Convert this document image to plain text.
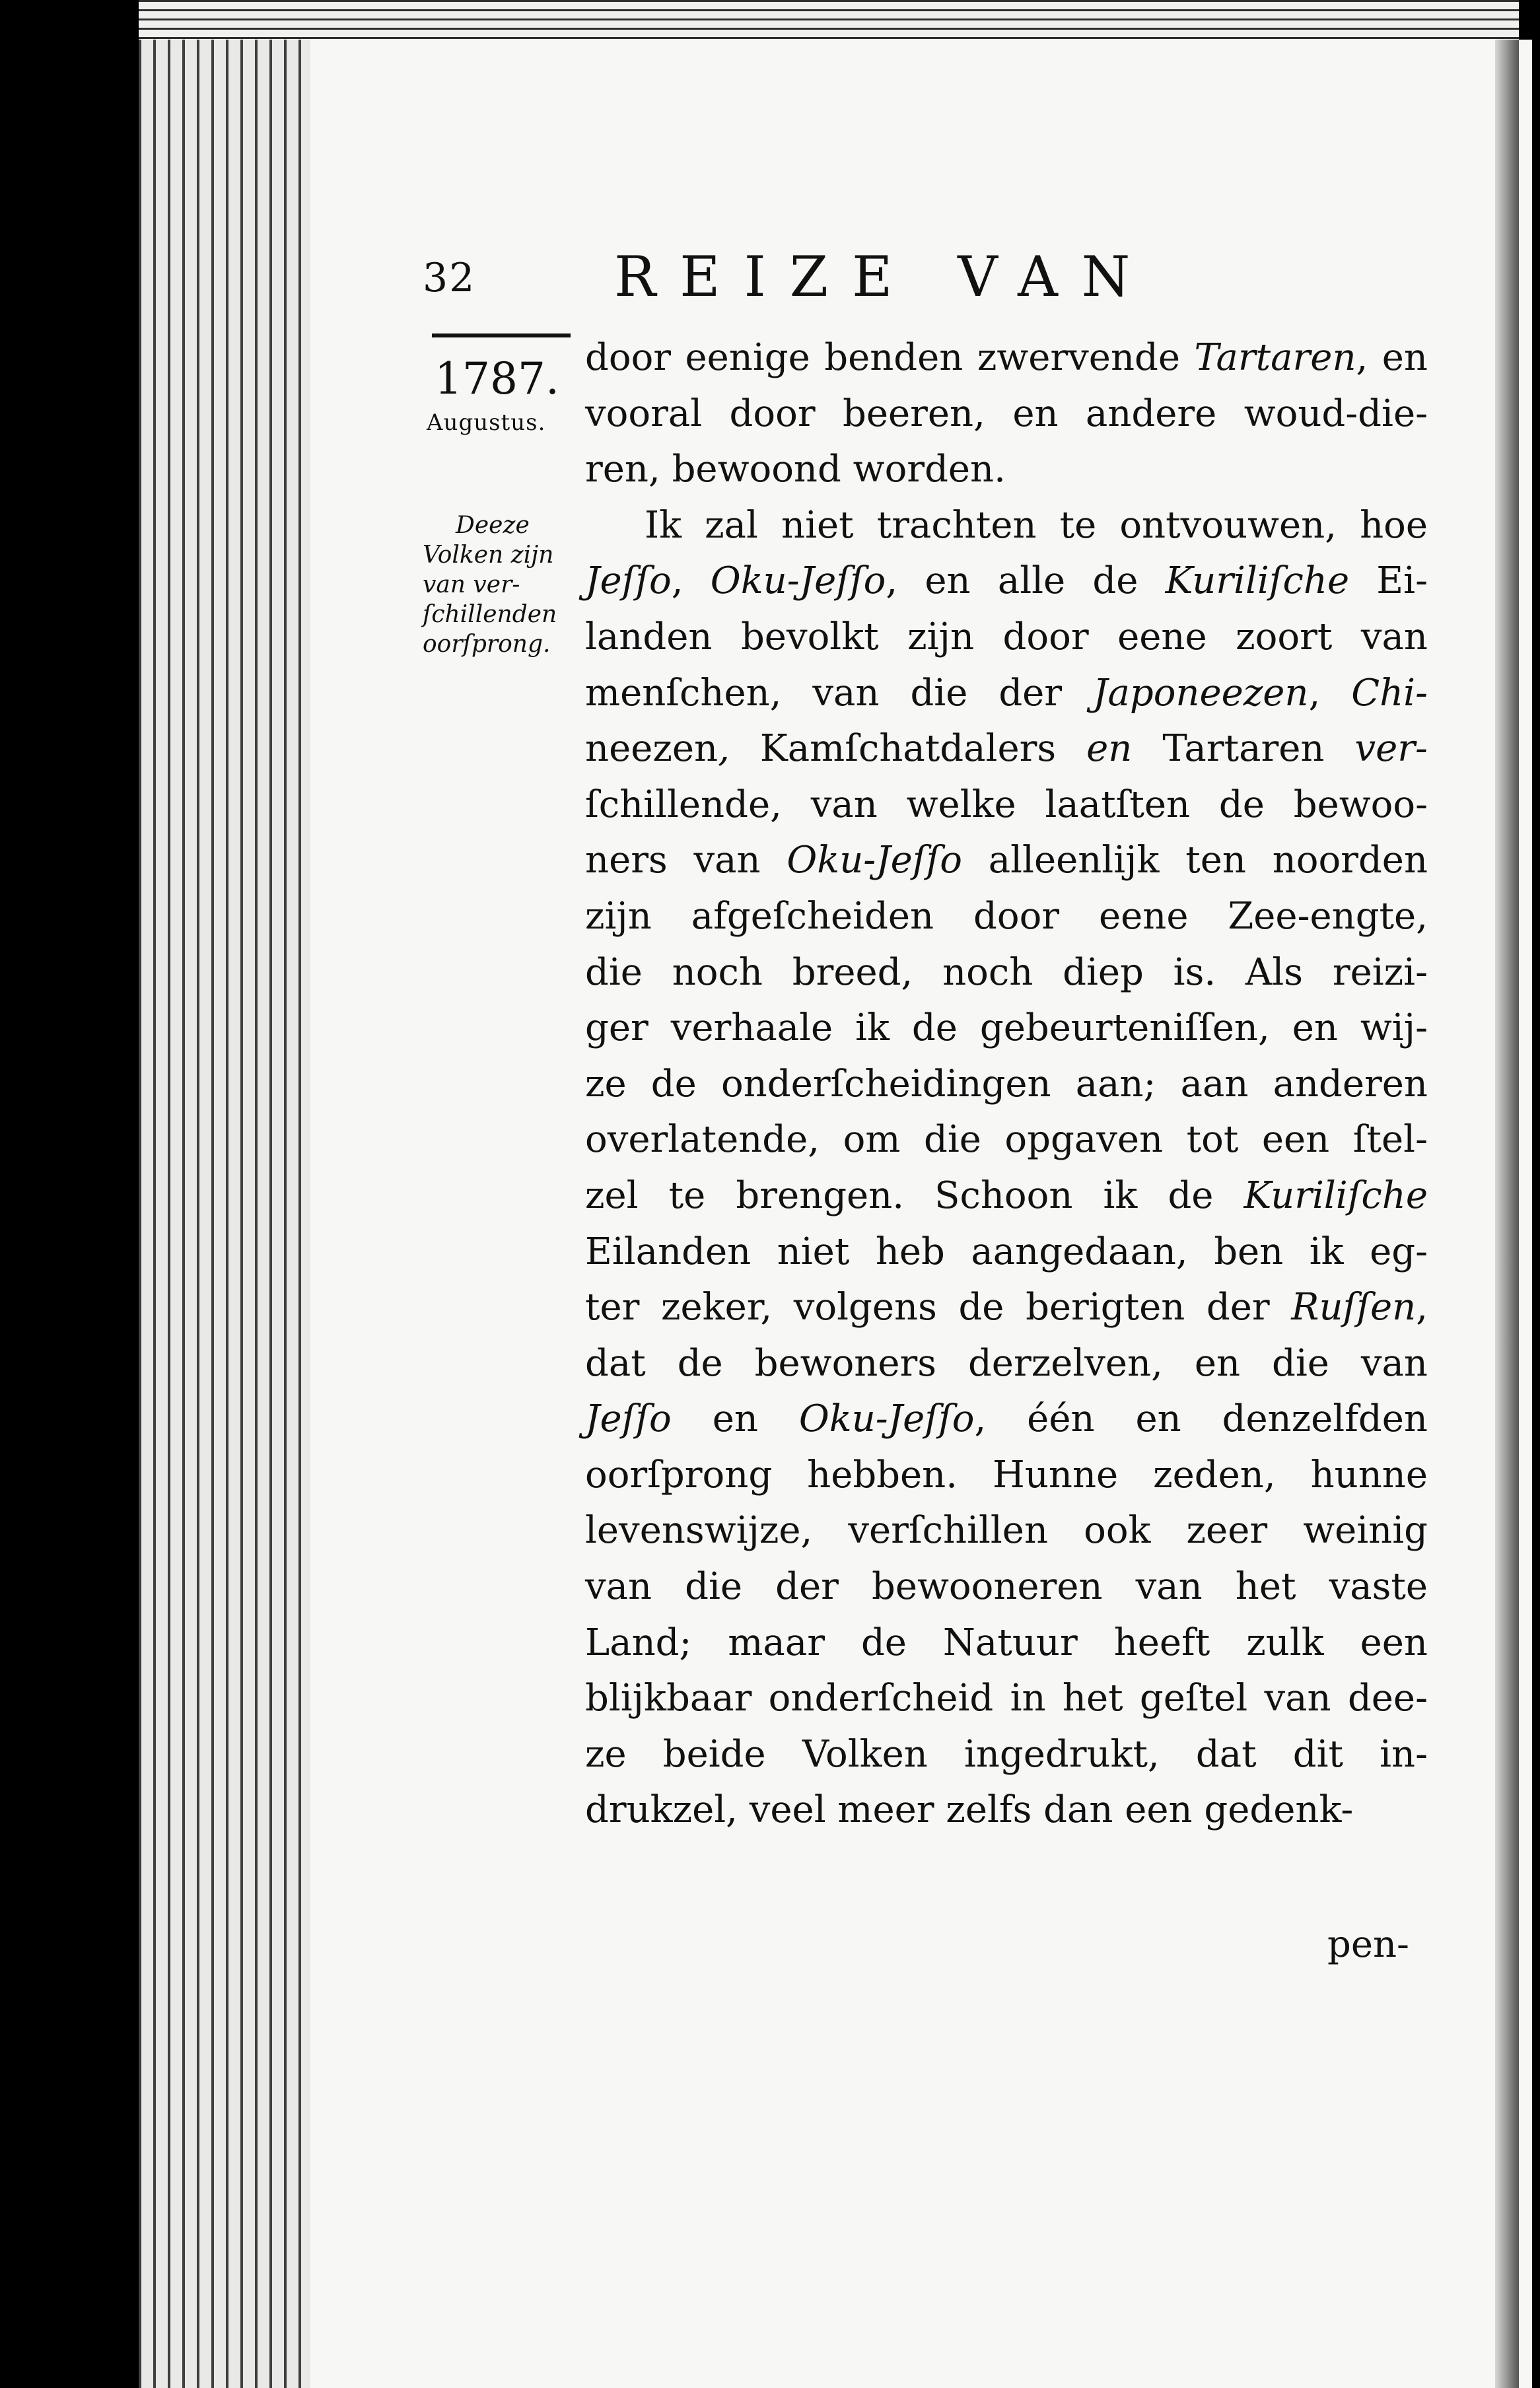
32 REIZE VAN
1787.
Augustus.
Deeze
Volken zijn
van ver-
ſchillenden
oorſprong.
door eenige benden zwervende Tartaren, en
vooral door beeren, en andere woud-die-
ren, bewoond worden.
Ik zal niet trachten te ontvouwen, hoe
Jeſſo, Oku-Jeſſo, en alle de Kuriliſche Ei-
landen bevolkt zijn door eene zoort van
menſchen, van die der Japoneezen, Chi-
neezen, Kamſchatdalers en Tartaren ver-
ſchillende, van welke laatſten de bewoo-
ners van Oku-Jeſſo alleenlijk ten noorden
zijn afgeſcheiden door eene Zee-engte,
die noch breed, noch diep is. Als reizi-
ger verhaale ik de gebeurteniſſen, en wij-
ze de onderſcheidingen aan; aan anderen
overlatende, om die opgaven tot een ſtel-
zel te brengen. Schoon ik de Kuriliſche
Eilanden niet heb aangedaan, ben ik eg-
ter zeker, volgens de berigten der Ruſſen,
dat de bewoners derzelven, en die van
Jeſſo en Oku-Jeſſo, één en denzelfden
oorſprong hebben. Hunne zeden, hunne
levenswijze, verſchillen ook zeer weinig
van die der bewooneren van het vaste
Land; maar de Natuur heeft zulk een
blijkbaar onderſcheid in het geſtel van dee-
ze beide Volken ingedrukt, dat dit in-
drukzel, veel meer zelfs dan een gedenk-
pen-
